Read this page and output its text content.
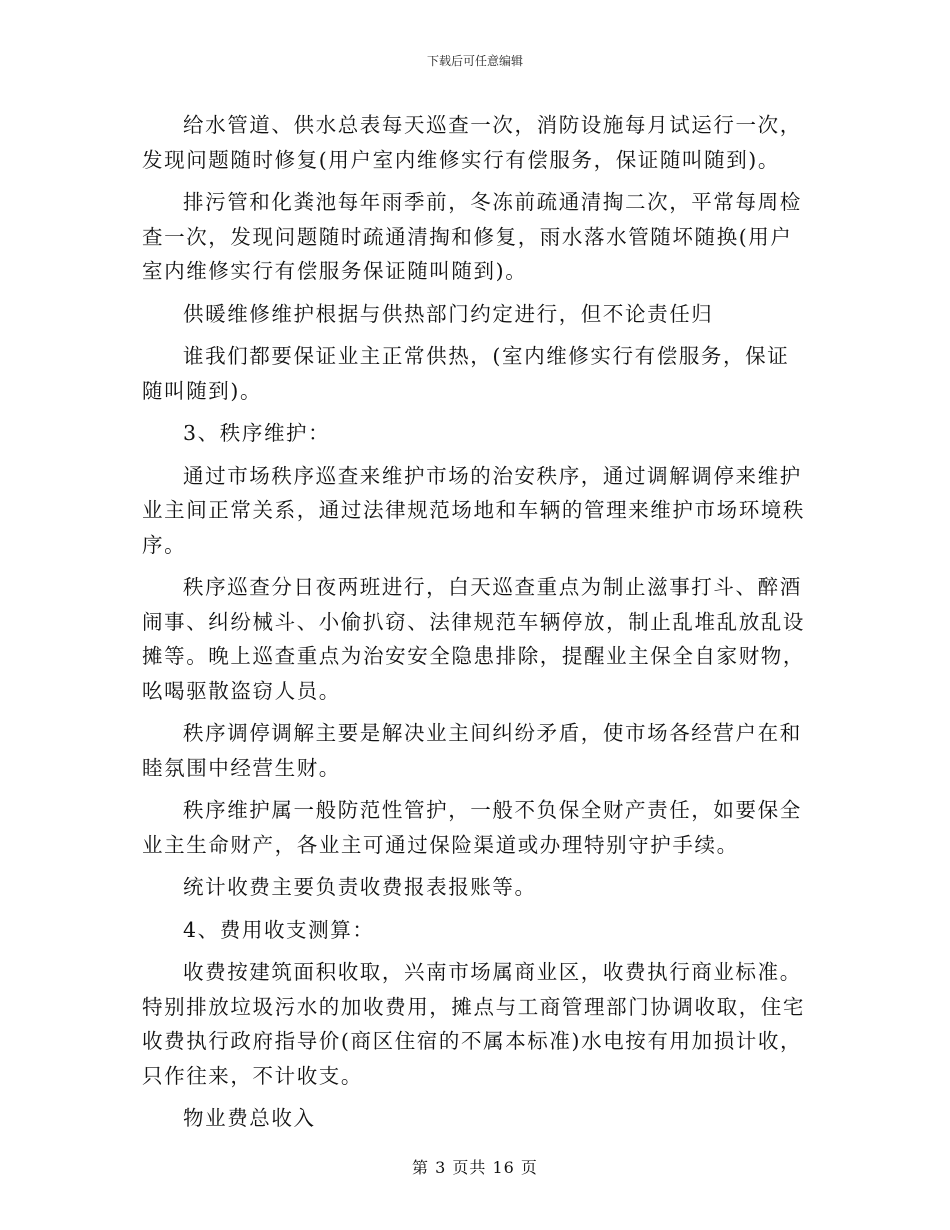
下载后可任意编辑

给水管道、供水总表每天巡查一次，消防设施每月试运行一次，发现问题随时修复(用户室内维修实行有偿服务，保证随叫随到)。

排污管和化粪池每年雨季前，冬冻前疏通清掏二次，平常每周检查一次，发现问题随时疏通清掏和修复，雨水落水管随坏随换(用户室内维修实行有偿服务保证随叫随到)。

供暖维修维护根据与供热部门约定进行，但不论责任归

谁我们都要保证业主正常供热，(室内维修实行有偿服务，保证随叫随到)。

3、秩序维护：

通过市场秩序巡查来维护市场的治安秩序，通过调解调停来维护业主间正常关系，通过法律规范场地和车辆的管理来维护市场环境秩序。

秩序巡查分日夜两班进行，白天巡查重点为制止滋事打斗、醉酒闹事、纠纷械斗、小偷扒窃、法律规范车辆停放，制止乱堆乱放乱设摊等。晚上巡查重点为治安安全隐患排除，提醒业主保全自家财物，吆喝驱散盗窃人员。

秩序调停调解主要是解决业主间纠纷矛盾，使市场各经营户在和睦氛围中经营生财。

秩序维护属一般防范性管护，一般不负保全财产责任，如要保全业主生命财产，各业主可通过保险渠道或办理特别守护手续。

统计收费主要负责收费报表报账等。

4、费用收支测算：

收费按建筑面积收取，兴南市场属商业区，收费执行商业标准。特别排放垃圾污水的加收费用，摊点与工商管理部门协调收取，住宅收费执行政府指导价(商区住宿的不属本标准)水电按有用加损计收，只作往来，不计收支。

物业费总收入

第 3 页共 16 页
